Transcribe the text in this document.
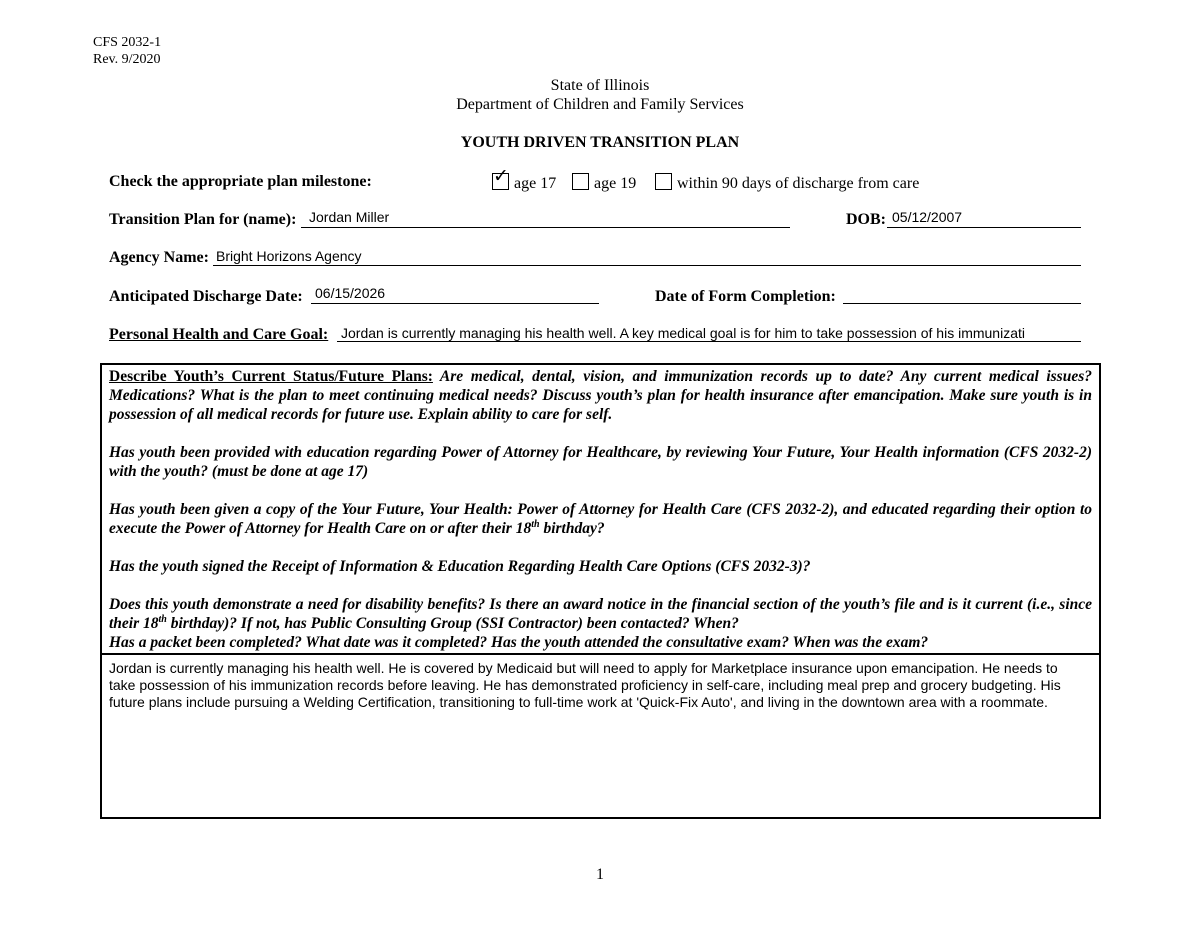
CFS 2032-1
Rev. 9/2020
State of Illinois
Department of Children and Family Services
YOUTH DRIVEN TRANSITION PLAN
Check the appropriate plan milestone:	✓ age 17	age 19	within 90 days of discharge from care
Transition Plan for (name): Jordan Miller	DOB: 05/12/2007
Agency Name: Bright Horizons Agency
Anticipated Discharge Date: 06/15/2026	Date of Form Completion:
Personal Health and Care Goal: Jordan is currently managing his health well. A key medical goal is for him to take possession of his immunizati

Describe Youth’s Current Status/Future Plans: Are medical, dental, vision, and immunization records up to date? Any current medical issues? Medications? What is the plan to meet continuing medical needs? Discuss youth’s plan for health insurance after emancipation. Make sure youth is in possession of all medical records for future use. Explain ability to care for self.

Has youth been provided with education regarding Power of Attorney for Healthcare, by reviewing Your Future, Your Health information (CFS 2032-2) with the youth? (must be done at age 17)

Has youth been given a copy of the Your Future, Your Health: Power of Attorney for Health Care (CFS 2032-2), and educated regarding their option to execute the Power of Attorney for Health Care on or after their 18th birthday?

Has the youth signed the Receipt of Information & Education Regarding Health Care Options (CFS 2032-3)?

Does this youth demonstrate a need for disability benefits? Is there an award notice in the financial section of the youth’s file and is it current (i.e., since their 18th birthday)? If not, has Public Consulting Group (SSI Contractor) been contacted? When?

Has a packet been completed? What date was it completed? Has the youth attended the consultative exam? When was the exam?

Jordan is currently managing his health well. He is covered by Medicaid but will need to apply for Marketplace insurance upon emancipation. He needs to take possession of his immunization records before leaving. He has demonstrated proficiency in self-care, including meal prep and grocery budgeting. His future plans include pursuing a Welding Certification, transitioning to full-time work at 'Quick-Fix Auto', and living in the downtown area with a roommate.
1
